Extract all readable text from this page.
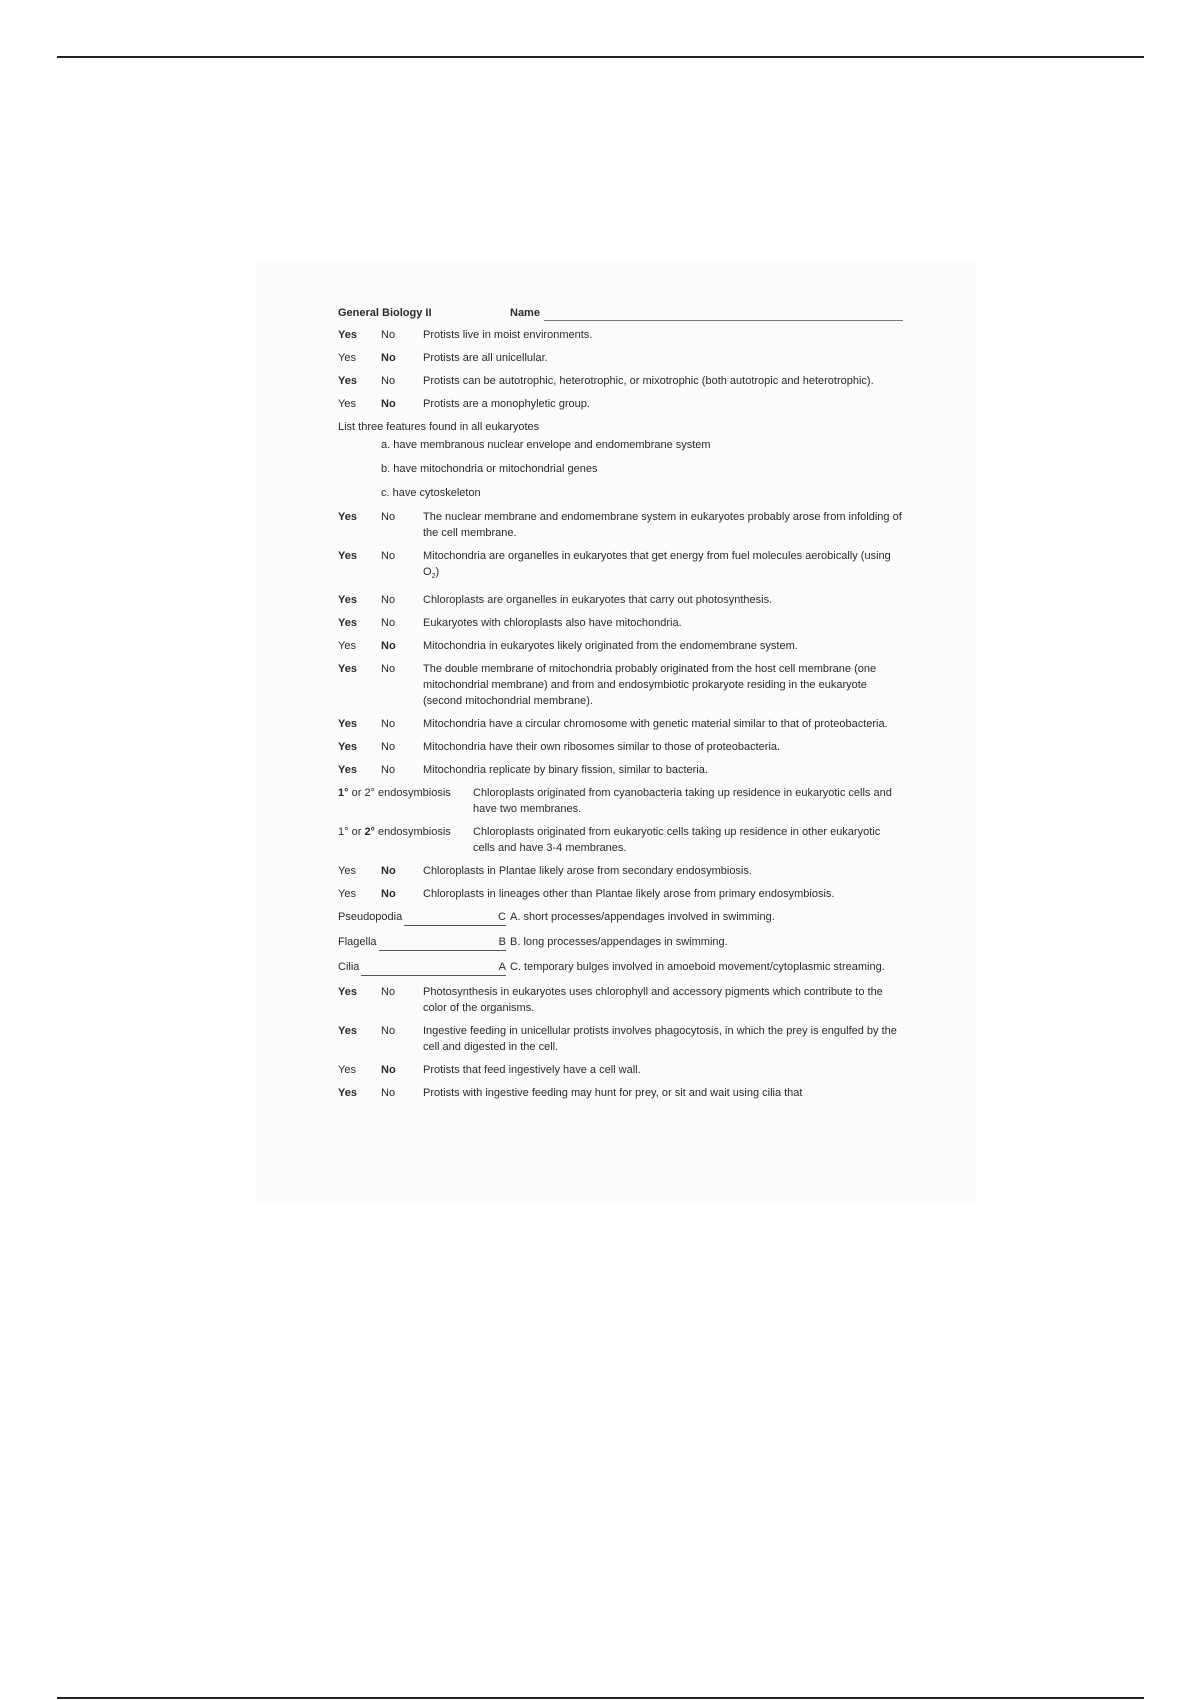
General Biology II	Name
Yes	No	Protists live in moist environments.
Yes	No	Protists are all unicellular.
Yes	No	Protists can be autotrophic, heterotrophic, or mixotrophic (both autotropic and heterotrophic).
Yes	No	Protists are a monophyletic group.
List three features found in all eukaryotes
a. have membranous nuclear envelope and endomembrane system
b. have mitochondria or mitochondrial genes
c. have cytoskeleton
Yes	No	The nuclear membrane and endomembrane system in eukaryotes probably arose from infolding of the cell membrane.
Yes	No	Mitochondria are organelles in eukaryotes that get energy from fuel molecules aerobically (using $O_2$)
Yes	No	Chloroplasts are organelles in eukaryotes that carry out photosynthesis.
Yes	No	Eukaryotes with chloroplasts also have mitochondria.
Yes	No	Mitochondria in eukaryotes likely originated from the endomembrane system.
Yes	No	The double membrane of mitochondria probably originated from the host cell membrane (one mitochondrial membrane) and from and endosymbiotic prokaryote residing in the eukaryote (second mitochondrial membrane).
Yes	No	Mitochondria have a circular chromosome with genetic material similar to that of proteobacteria.
Yes	No	Mitochondria have their own ribosomes similar to those of proteobacteria.
Yes	No	Mitochondria replicate by binary fission, similar to bacteria.
1° or 2° endosymbiosis	Chloroplasts originated from cyanobacteria taking up residence in eukaryotic cells and have two membranes.
1° or 2° endosymbiosis	Chloroplasts originated from eukaryotic cells taking up residence in other eukaryotic cells and have 3-4 membranes.
Yes	No	Chloroplasts in Plantae likely arose from secondary endosymbiosis.
Yes	No	Chloroplasts in lineages other than Plantae likely arose from primary endosymbiosis.
Pseudopodia	C A. short processes/appendages involved in swimming.
Flagella	B B. long processes/appendages in swimming.
Cilia	A C. temporary bulges involved in amoeboid movement/cytoplasmic streaming.
Yes	No	Photosynthesis in eukaryotes uses chlorophyll and accessory pigments which contribute to the color of the organisms.
Yes	No	Ingestive feeding in unicellular protists involves phagocytosis, in which the prey is engulfed by the cell and digested in the cell.
Yes	No	Protists that feed ingestively have a cell wall.
Yes	No	Protists with ingestive feeding may hunt for prey, or sit and wait using cilia that
